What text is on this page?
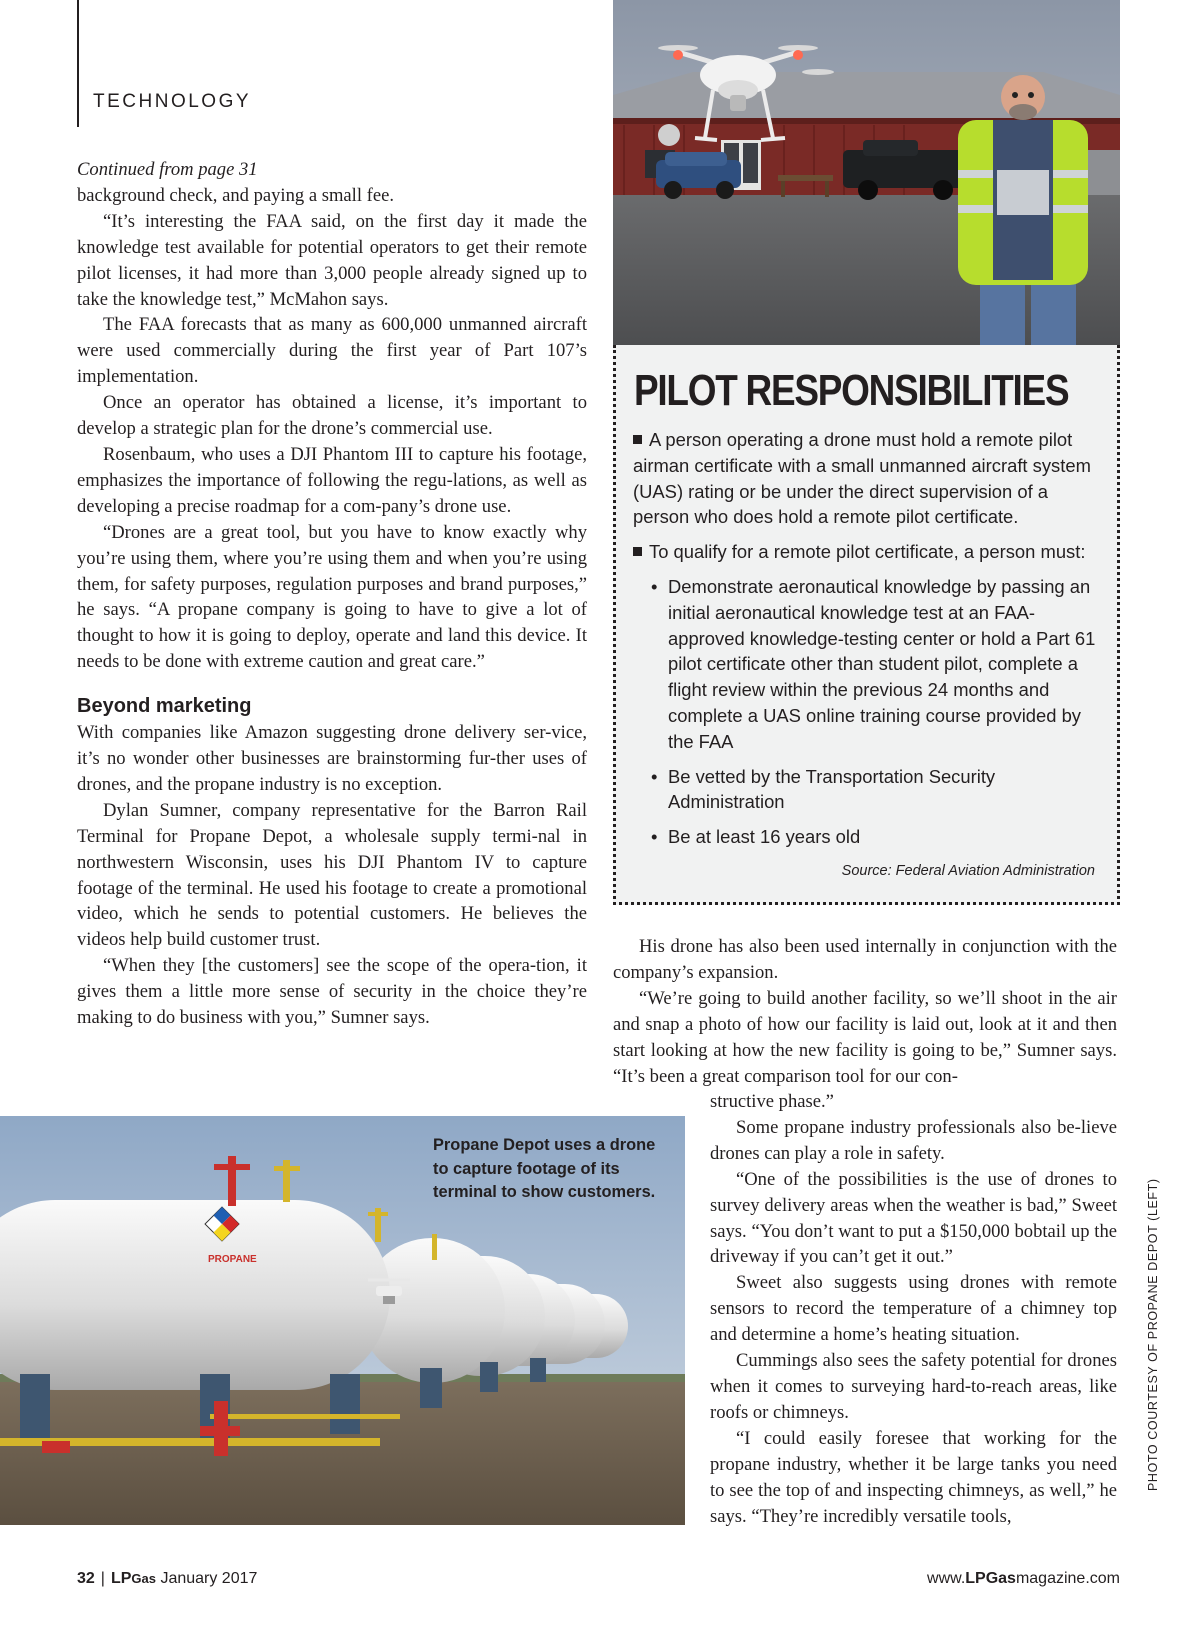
TECHNOLOGY

Continued from page 31

background check, and paying a small fee.

“It’s interesting the FAA said, on the first day it made the knowledge test available for potential operators to get their remote pilot licenses, it had more than 3,000 people already signed up to take the knowledge test,” McMahon says.

The FAA forecasts that as many as 600,000 unmanned aircraft were used commercially during the first year of Part 107’s implementation.

Once an operator has obtained a license, it’s important to develop a strategic plan for the drone’s commercial use.

Rosenbaum, who uses a DJI Phantom III to capture his footage, emphasizes the importance of following the regu-lations, as well as developing a precise roadmap for a com-pany’s drone use.

“Drones are a great tool, but you have to know exactly why you’re using them, where you’re using them and when you’re using them, for safety purposes, regulation purposes and brand purposes,” he says. “A propane company is going to have to give a lot of thought to how it is going to deploy, operate and land this device. It needs to be done with extreme caution and great care.”

Beyond marketing

With companies like Amazon suggesting drone delivery ser-vice, it’s no wonder other businesses are brainstorming fur-ther uses of drones, and the propane industry is no exception.

Dylan Sumner, company representative for the Barron Rail Terminal for Propane Depot, a wholesale supply termi-nal in northwestern Wisconsin, uses his DJI Phantom IV to capture footage of the terminal. He used his footage to create a promotional video, which he sends to potential customers. He believes the videos help build customer trust.

“When they [the customers] see the scope of the opera-tion, it gives them a little more sense of security in the choice they’re making to do business with you,” Sumner says.

PILOT RESPONSIBILITIES

A person operating a drone must hold a remote pilot airman certificate with a small unmanned aircraft system (UAS) rating or be under the direct supervision of a person who does hold a remote pilot certificate.

To qualify for a remote pilot certificate, a person must:

• Demonstrate aeronautical knowledge by passing an initial aeronautical knowledge test at an FAA-approved knowledge-testing center or hold a Part 61 pilot certificate other than student pilot, complete a flight review within the previous 24 months and complete a UAS online training course provided by the FAA
• Be vetted by the Transportation Security Administration
• Be at least 16 years old
Source: Federal Aviation Administration

His drone has also been used internally in conjunction with the company’s expansion.

“We’re going to build another facility, so we’ll shoot in the air and snap a photo of how our facility is laid out, look at it and then start looking at how the new facility is going to be,” Sumner says. “It’s been a great comparison tool for our con-

structive phase.”

Some propane industry professionals also be-lieve drones can play a role in safety.

“One of the possibilities is the use of drones to survey delivery areas when the weather is bad,” Sweet says. “You don’t want to put a $150,000 bobtail up the driveway if you can’t get it out.”

Sweet also suggests using drones with remote sensors to record the temperature of a chimney top and determine a home’s heating situation.

Cummings also sees the safety potential for drones when it comes to surveying hard-to-reach areas, like roofs or chimneys.

“I could easily foresee that working for the propane industry, whether it be large tanks you need to see the top of and inspecting chimneys, as well,” he says. “They’re incredibly versatile tools,

PROPANE
Propane Depot uses a drone to capture footage of its terminal to show customers.	PHOTO COURTESY OF PROPANE DEPOT (LEFT)
32 | LPGas January 2017	www.LPGasmagazine.com
